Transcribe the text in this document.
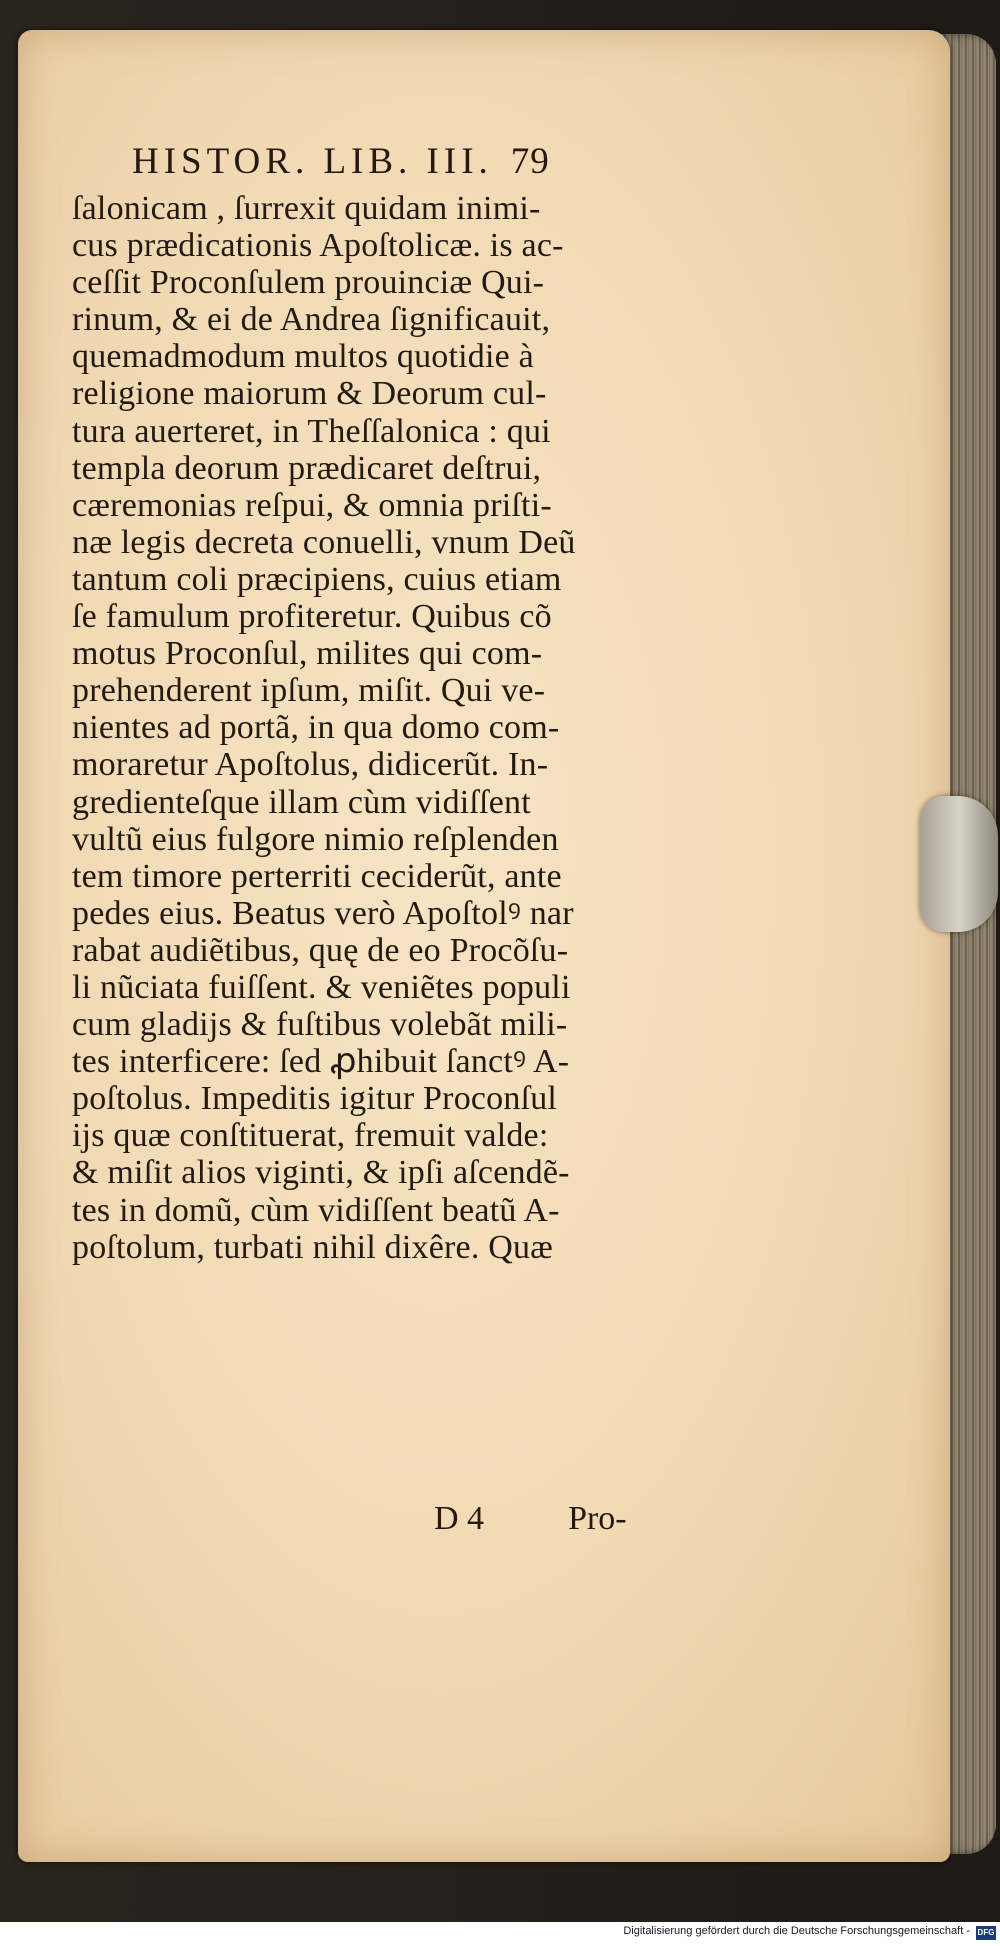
HISTOR. LIB. III. 79
ſalonicam , ſurrexit quidam inimi-
cus prædicationis Apoſtolicæ. is ac-
ceſſit Proconſulem prouinciæ Qui-
rinum, & ei de Andrea ſignificauit,
quemadmodum multos quotidie à
religione maiorum & Deorum cul-
tura auerteret, in Theſſalonica : qui
templa deorum prædicaret deſtrui,
cæremonias reſpui, & omnia priſti-
næ legis decreta conuelli, vnum Deũ
tantum coli præcipiens, cuius etiam
ſe famulum profiteretur. Quibus cõ
motus Proconſul, milites qui com-
prehenderent ipſum, miſit. Qui ve-
nientes ad portã, in qua domo com-
moraretur Apoſtolus, didicerũt. In-
gredienteſque illam cùm vidiſſent
vultũ eius fulgore nimio reſplenden
tem timore perterriti ceciderũt, ante
pedes eius. Beatus verò Apoſtolꝰ nar
rabat audiẽtibus, quę de eo Procõſu-
li nũciata fuiſſent. & veniẽtes populi
cum gladijs & fuſtibus volebãt mili-
tes interficere: ſed ꝓhibuit ſanctꝰ A-
poſtolus. Impeditis igitur Proconſul
ijs quæ conſtituerat, fremuit valde:
& miſit alios viginti, & ipſi aſcendẽ-
tes in domũ, cùm vidiſſent beatũ A-
poſtolum, turbati nihil dixêre. Quæ
D 4 Pro-
Digitalisierung gefördert durch die Deutsche Forschungsgemeinschaft - DFG
